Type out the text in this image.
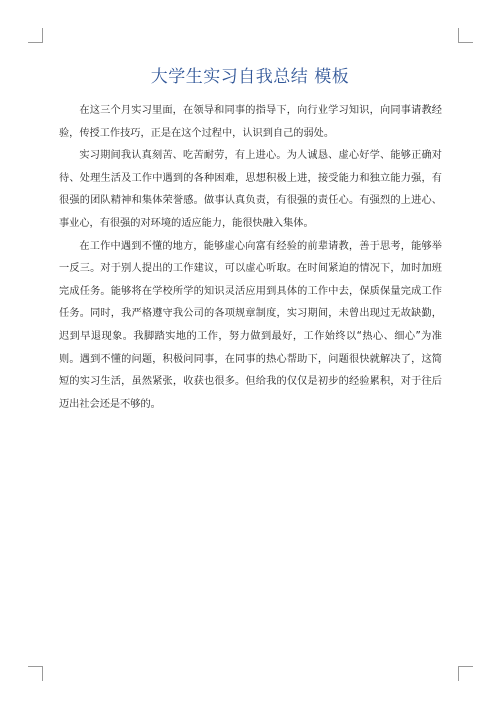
大学生实习自我总结 模板

在这三个月实习里面，在领导和同事的指导下，向行业学习知识，向同事请教经验，传授工作技巧，正是在这个过程中，认识到自己的弱处。

实习期间我认真刻苦、吃苦耐劳，有上进心。为人诚恳、虚心好学、能够正确对待、处理生活及工作中遇到的各种困难，思想积极上进，接受能力和独立能力强，有很强的团队精神和集体荣誉感。做事认真负责，有很强的责任心。有强烈的上进心、事业心，有很强的对环境的适应能力，能很快融入集体。

在工作中遇到不懂的地方，能够虚心向富有经验的前辈请教，善于思考，能够举一反三。对于别人提出的工作建议，可以虚心听取。在时间紧迫的情况下，加时加班完成任务。能够将在学校所学的知识灵活应用到具体的工作中去，保质保量完成工作任务。同时，我严格遵守我公司的各项规章制度，实习期间，未曾出现过无故缺勤，迟到早退现象。我脚踏实地的工作，努力做到最好，工作始终以“热心、细心”为准则。遇到不懂的问题，积极问同事，在同事的热心帮助下，问题很快就解决了，这简短的实习生活，虽然紧张，收获也很多。但给我的仅仅是初步的经验累积，对于往后迈出社会还是不够的。
